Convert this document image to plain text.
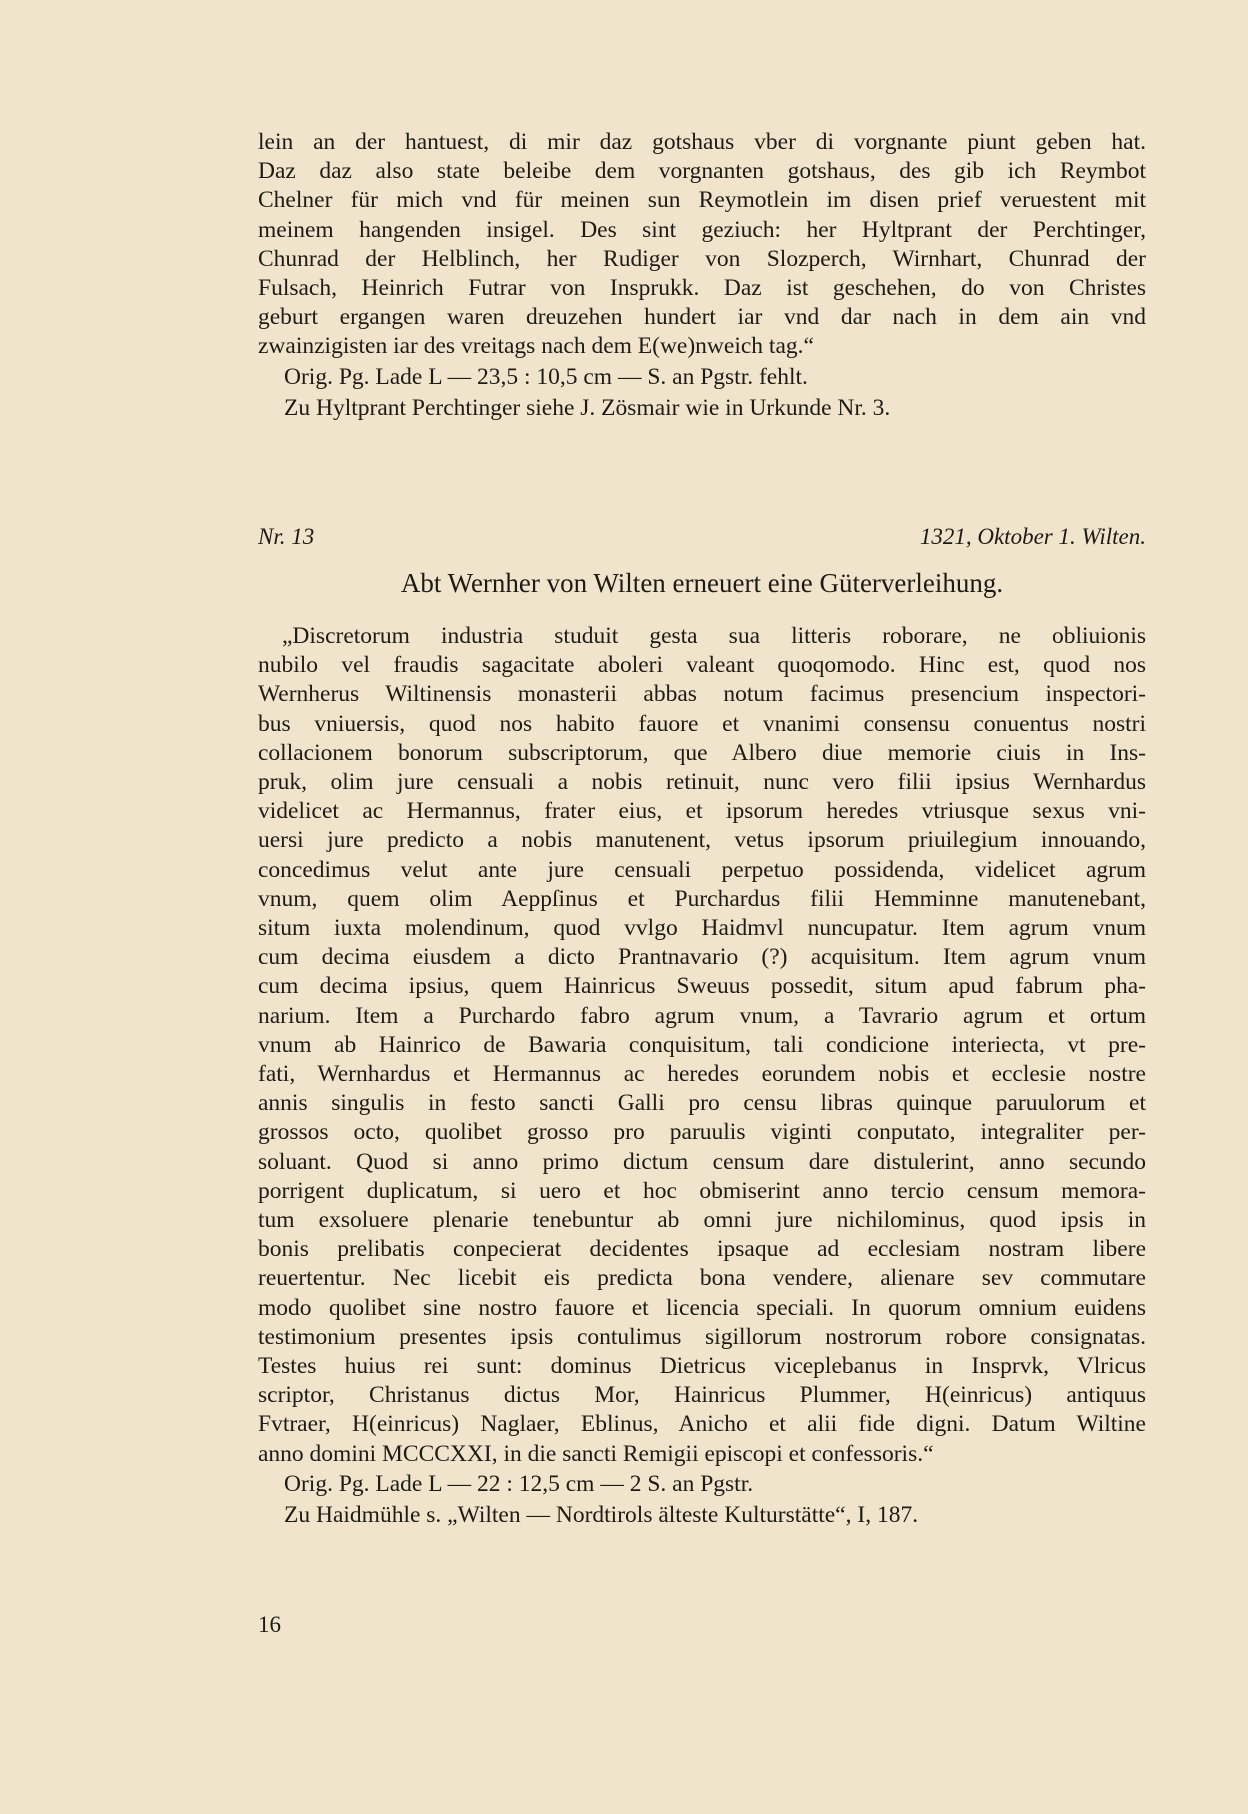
lein an der hantuest, di mir daz gotshaus vber di vorgnante piunt geben hat.
Daz daz also state beleibe dem vorgnanten gotshaus, des gib ich Reymbot
Chelner für mich vnd für meinen sun Reymotlein im disen prief veruestent mit
meinem hangenden insigel. Des sint geziuch: her Hyltprant der Perchtinger,
Chunrad der Helblinch, her Rudiger von Slozperch, Wirnhart, Chunrad der
Fulsach, Heinrich Futrar von Insprukk. Daz ist geschehen, do von Christes
geburt ergangen waren dreuzehen hundert iar vnd dar nach in dem ain vnd
zwainzigisten iar des vreitags nach dem E(we)nweich tag.“
Orig. Pg. Lade L — 23,5 : 10,5 cm — S. an Pgstr. fehlt.
Zu Hyltprant Perchtinger siehe J. Zösmair wie in Urkunde Nr. 3.
Nr. 13	1321, Oktober 1. Wilten.
Abt Wernher von Wilten erneuert eine Güterverleihung.
„Discretorum industria studuit gesta sua litteris roborare, ne obliuionis
nubilo vel fraudis sagacitate aboleri valeant quoqomodo. Hinc est, quod nos
Wernherus Wiltinensis monasterii abbas notum facimus presencium inspectori-
bus vniuersis, quod nos habito fauore et vnanimi consensu conuentus nostri
collacionem bonorum subscriptorum, que Albero diue memorie ciuis in Ins-
pruk, olim jure censuali a nobis retinuit, nunc vero filii ipsius Wernhardus
videlicet ac Hermannus, frater eius, et ipsorum heredes vtriusque sexus vni-
uersi jure predicto a nobis manutenent, vetus ipsorum priuilegium innouando,
concedimus velut ante jure censuali perpetuo possidenda, videlicet agrum
vnum, quem olim Aeppſinus et Purchardus filii Hemminne manutenebant,
situm iuxta molendinum, quod vvlgo Haidmvl nuncupatur. Item agrum vnum
cum decima eiusdem a dicto Prantnavario (?) acquisitum. Item agrum vnum
cum decima ipsius, quem Hainricus Sweuus possedit, situm apud fabrum pha-
narium. Item a Purchardo fabro agrum vnum, a Tavrario agrum et ortum
vnum ab Hainrico de Bawaria conquisitum, tali condicione interiecta, vt pre-
fati, Wernhardus et Hermannus ac heredes eorundem nobis et ecclesie nostre
annis singulis in festo sancti Galli pro censu libras quinque paruulorum et
grossos octo, quolibet grosso pro paruulis viginti conputato, integraliter per-
soluant. Quod si anno primo dictum censum dare distulerint, anno secundo
porrigent duplicatum, si uero et hoc obmiserint anno tercio censum memora-
tum exsoluere plenarie tenebuntur ab omni jure nichilominus, quod ipsis in
bonis prelibatis conpecierat decidentes ipsaque ad ecclesiam nostram libere
reuertentur. Nec licebit eis predicta bona vendere, alienare sev commutare
modo quolibet sine nostro fauore et licencia speciali. In quorum omnium euidens
testimonium presentes ipsis contulimus sigillorum nostrorum robore consignatas.
Testes huius rei sunt: dominus Dietricus viceplebanus in Insprvk, Vlricus
scriptor, Christanus dictus Mor, Hainricus Plummer, H(einricus) antiquus
Fvtraer, H(einricus) Naglaer, Eblinus, Anicho et alii fide digni. Datum Wiltine
anno domini MCCCXXI, in die sancti Remigii episcopi et confessoris.“
Orig. Pg. Lade L — 22 : 12,5 cm — 2 S. an Pgstr.
Zu Haidmühle s. „Wilten — Nordtirols älteste Kulturstätte“, I, 187.
16
